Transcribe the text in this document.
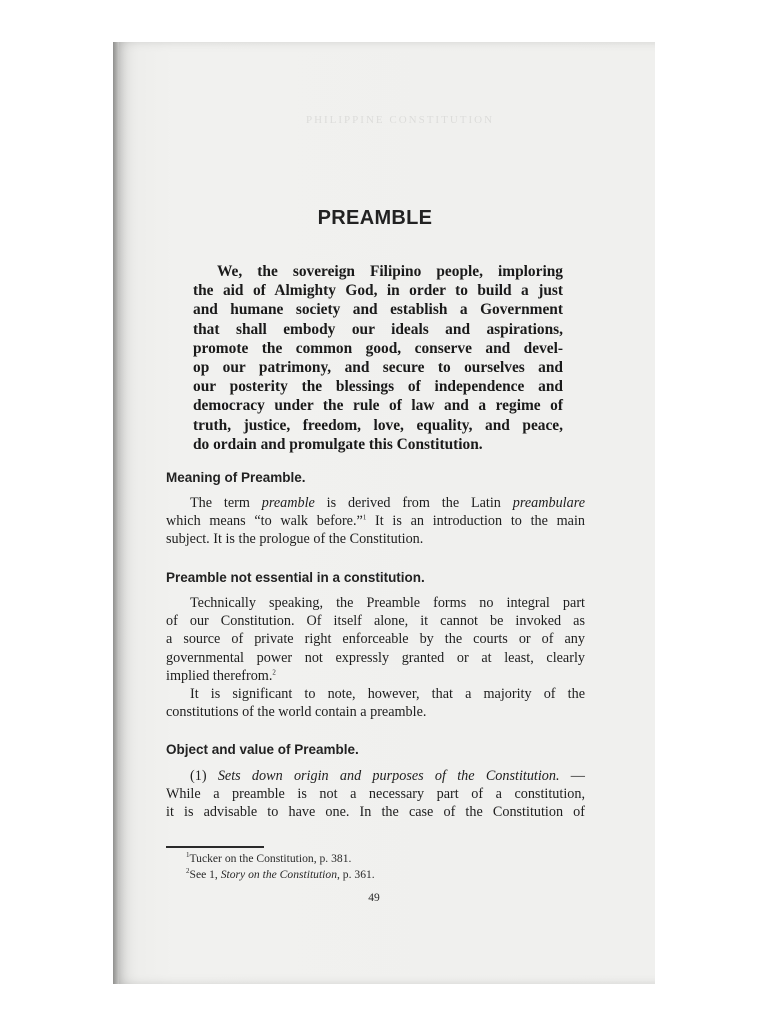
PHILIPPINE CONSTITUTION
PREAMBLE

We, the sovereign Filipino people, imploring
the aid of Almighty God, in order to build a just
and humane society and establish a Government
that shall embody our ideals and aspirations,
promote the common good, conserve and devel-
op our patrimony, and secure to ourselves and
our posterity the blessings of independence and
democracy under the rule of law and a regime of
truth, justice, freedom, love, equality, and peace,
do ordain and promulgate this Constitution.

Meaning of Preamble.
The term preamble is derived from the Latin preambulare
which means “to walk before.”$^1$ It is an introduction to the main
subject. It is the prologue of the Constitution.
Preamble not essential in a constitution.
Technically speaking, the Preamble forms no integral part
of our Constitution. Of itself alone, it cannot be invoked as
a source of private right enforceable by the courts or of any
governmental power not expressly granted or at least, clearly
implied therefrom.$^2$
It is significant to note, however, that a majority of the
constitutions of the world contain a preamble.
Object and value of Preamble.
(1) Sets down origin and purposes of the Constitution. —
While a preamble is not a necessary part of a constitution,
it is advisable to have one. In the case of the Constitution of
$^1$Tucker on the Constitution, p. 381.
$^2$See 1, Story on the Constitution, p. 361.
49
